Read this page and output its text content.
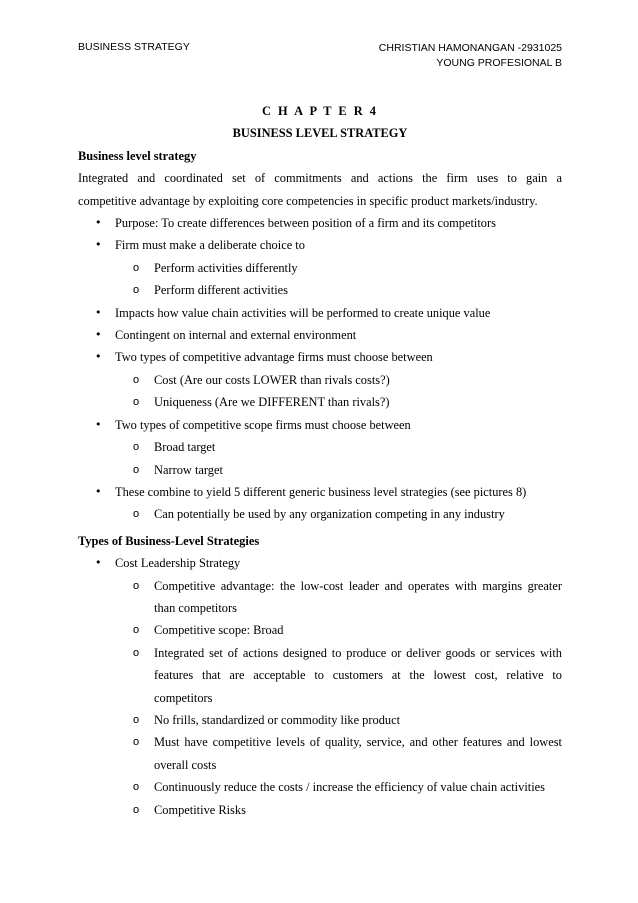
BUSINESS STRATEGY	CHRISTIAN HAMONANGAN -2931025
YOUNG PROFESIONAL B
C H A P T E R 4
BUSINESS LEVEL STRATEGY
Business level strategy
Integrated and coordinated set of commitments and actions the firm uses to gain a
competitive advantage by exploiting core competencies in specific product markets/industry.
• Purpose: To create differences between position of a firm and its competitors
• Firm must make a deliberate choice to
o Perform activities differently
o Perform different activities
• Impacts how value chain activities will be performed to create unique value
• Contingent on internal and external environment
• Two types of competitive advantage firms must choose between
o Cost (Are our costs LOWER than rivals costs?)
o Uniqueness (Are we DIFFERENT than rivals?)
• Two types of competitive scope firms must choose between
o Broad target
o Narrow target
• These combine to yield 5 different generic business level strategies (see pictures 8)
o Can potentially be used by any organization competing in any industry
Types of Business-Level Strategies
• Cost Leadership Strategy
o Competitive advantage: the low-cost leader and operates with margins greater
than competitors
o Competitive scope: Broad
o Integrated set of actions designed to produce or deliver goods or services with
features that are acceptable to customers at the lowest cost, relative to
competitors
o No frills, standardized or commodity like product
o Must have competitive levels of quality, service, and other features and lowest
overall costs
o Continuously reduce the costs / increase the efficiency of value chain activities
o Competitive Risks
